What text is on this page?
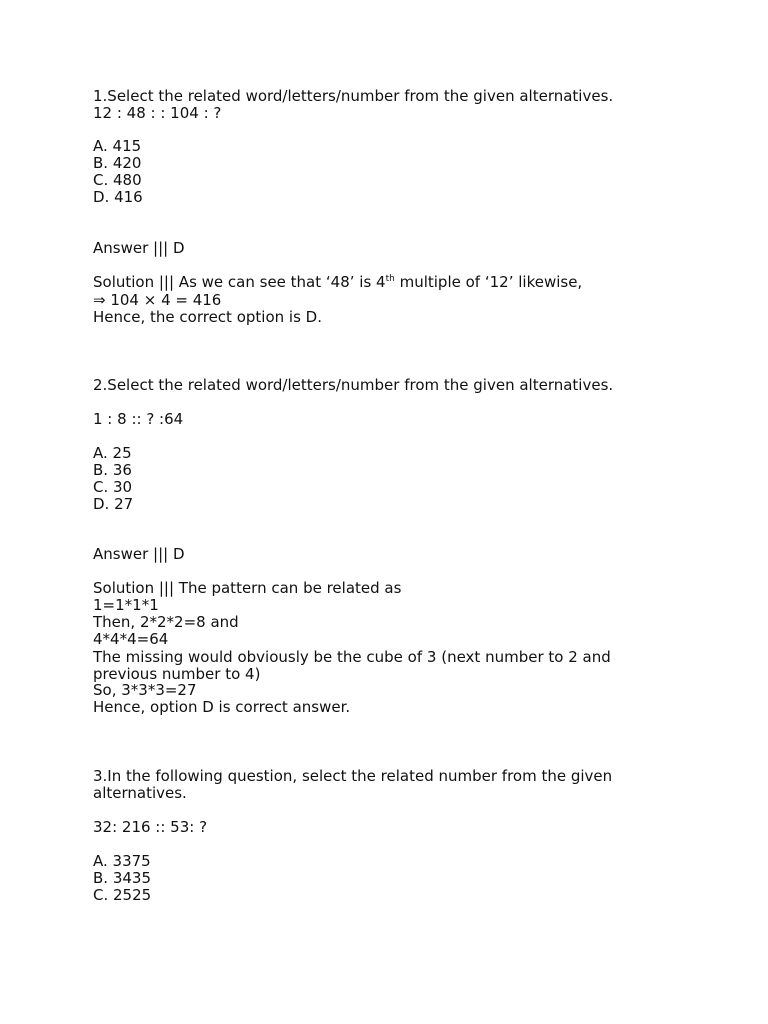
1.Select the related word/letters/number from the given alternatives.
12 : 48 : : 104 : ?
A. 415
B. 420
C. 480
D. 416
Answer ||| D
Solution ||| As we can see that ‘48’ is 4th multiple of ‘12’ likewise,
⇒ 104 × 4 = 416
Hence, the correct option is D.
2.Select the related word/letters/number from the given alternatives.
1 : 8 :: ? :64
A. 25
B. 36
C. 30
D. 27
Answer ||| D
Solution ||| The pattern can be related as
1=1*1*1
Then, 2*2*2=8 and
4*4*4=64
The missing would obviously be the cube of 3 (next number to 2 and
previous number to 4)
So, 3*3*3=27
Hence, option D is correct answer.
3.In the following question, select the related number from the given
alternatives.
32: 216 :: 53: ?
A. 3375
B. 3435
C. 2525
